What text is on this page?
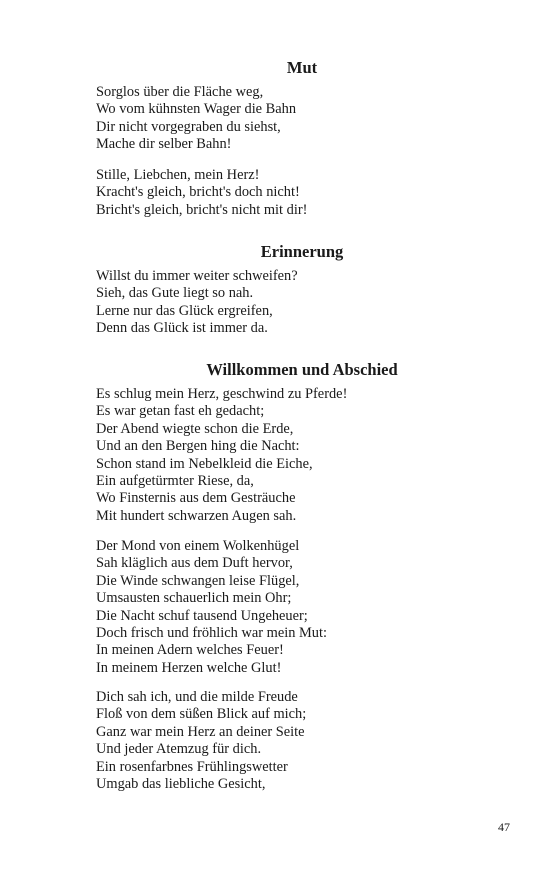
Mut
Sorglos über die Fläche weg,
Wo vom kühnsten Wager die Bahn
Dir nicht vorgegraben du siehst,
Mache dir selber Bahn!
Stille, Liebchen, mein Herz!
Kracht's gleich, bricht's doch nicht!
Bricht's gleich, bricht's nicht mit dir!
Erinnerung
Willst du immer weiter schweifen?
Sieh, das Gute liegt so nah.
Lerne nur das Glück ergreifen,
Denn das Glück ist immer da.
Willkommen und Abschied
Es schlug mein Herz, geschwind zu Pferde!
Es war getan fast eh gedacht;
Der Abend wiegte schon die Erde,
Und an den Bergen hing die Nacht:
Schon stand im Nebelkleid die Eiche,
Ein aufgetürmter Riese, da,
Wo Finsternis aus dem Gesträuche
Mit hundert schwarzen Augen sah.
Der Mond von einem Wolkenhügel
Sah kläglich aus dem Duft hervor,
Die Winde schwangen leise Flügel,
Umsausten schauerlich mein Ohr;
Die Nacht schuf tausend Ungeheuer;
Doch frisch und fröhlich war mein Mut:
In meinen Adern welches Feuer!
In meinem Herzen welche Glut!
Dich sah ich, und die milde Freude
Floß von dem süßen Blick auf mich;
Ganz war mein Herz an deiner Seite
Und jeder Atemzug für dich.
Ein rosenfarbnes Frühlingswetter
Umgab das liebliche Gesicht,
47
